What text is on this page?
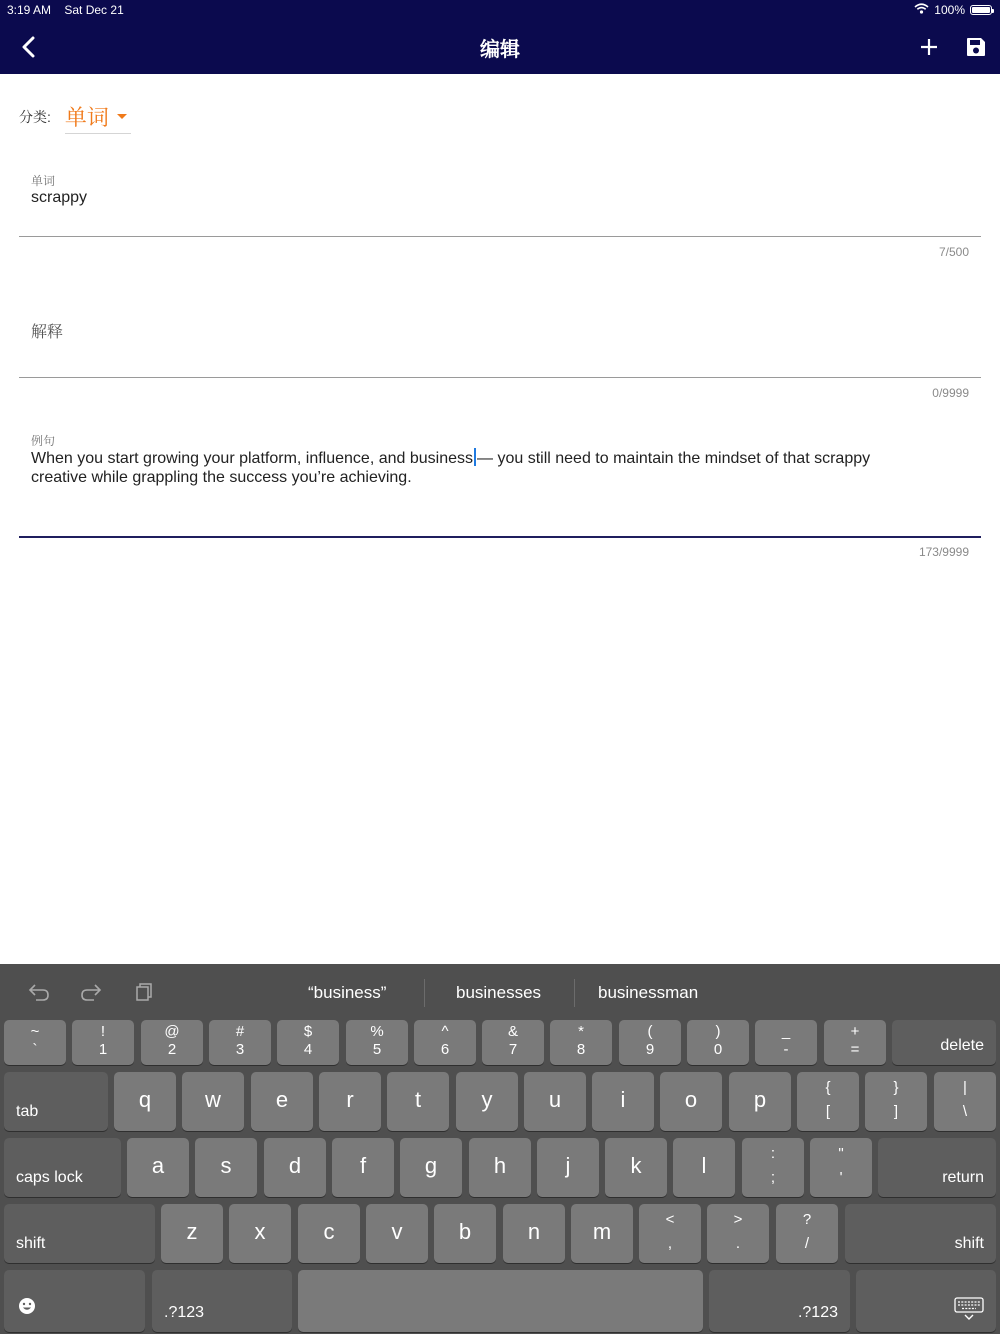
3:19 AM Sat Dec 21	100%
编辑
分类: 单词
单词
scrappy
7/500
解释
0/9999
例句
When you start growing your platform, influence, and business — you still need to maintain the mindset of that scrappy
creative while grappling the success you’re achieving.
173/9999
“business”	businesses	businessman
delete
tab
caps lock	return
shift	shift
.?123	.?123
~
`
!
1
@
2
#
3
$
4
%
5
^
6
&
7
*
8
(
9
)
0
_
-
+
=
q	w	e	r	t	y	u	i	o	p	{
[
}
]
|
\
a	s	d	f	g	h	j	k	l	:
;
"
'
z	x	c	v	b	n	m	<
,
>
.
?
/
